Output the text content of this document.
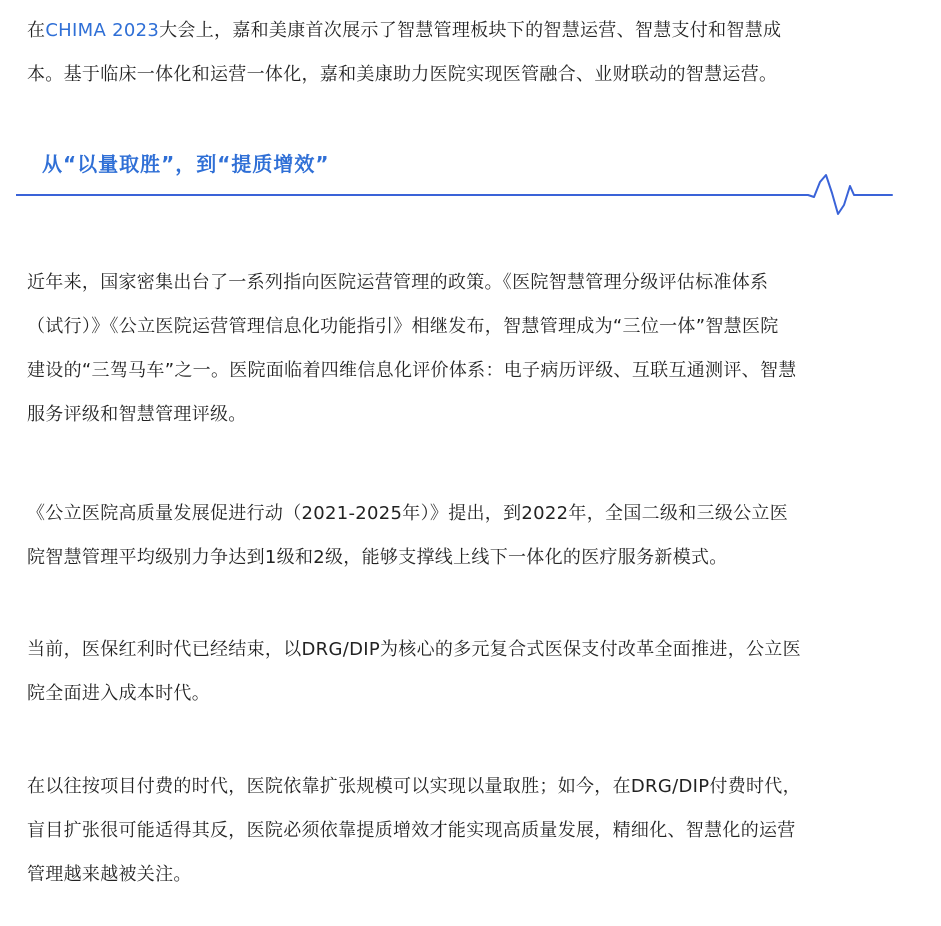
在CHIMA 2023大会上，嘉和美康首次展示了智慧管理板块下的智慧运营、智慧支付和智慧成
本。基于临床一体化和运营一体化，嘉和美康助力医院实现医管融合、业财联动的智慧运营。

从“以量取胜”，到“提质增效”

近年来，国家密集出台了一系列指向医院运营管理的政策。《医院智慧管理分级评估标准体系
（试行）》《公立医院运营管理信息化功能指引》相继发布，智慧管理成为“三位一体”智慧医院
建设的“三驾马车”之一。医院面临着四维信息化评价体系：电子病历评级、互联互通测评、智慧
服务评级和智慧管理评级。

《公立医院高质量发展促进行动（2021-2025年）》提出，到2022年，全国二级和三级公立医
院智慧管理平均级别力争达到1级和2级，能够支撑线上线下一体化的医疗服务新模式。

当前，医保红利时代已经结束，以DRG/DIP为核心的多元复合式医保支付改革全面推进，公立医
院全面进入成本时代。

在以往按项目付费的时代，医院依靠扩张规模可以实现以量取胜；如今，在DRG/DIP付费时代，
盲目扩张很可能适得其反，医院必须依靠提质增效才能实现高质量发展，精细化、智慧化的运营
管理越来越被关注。
